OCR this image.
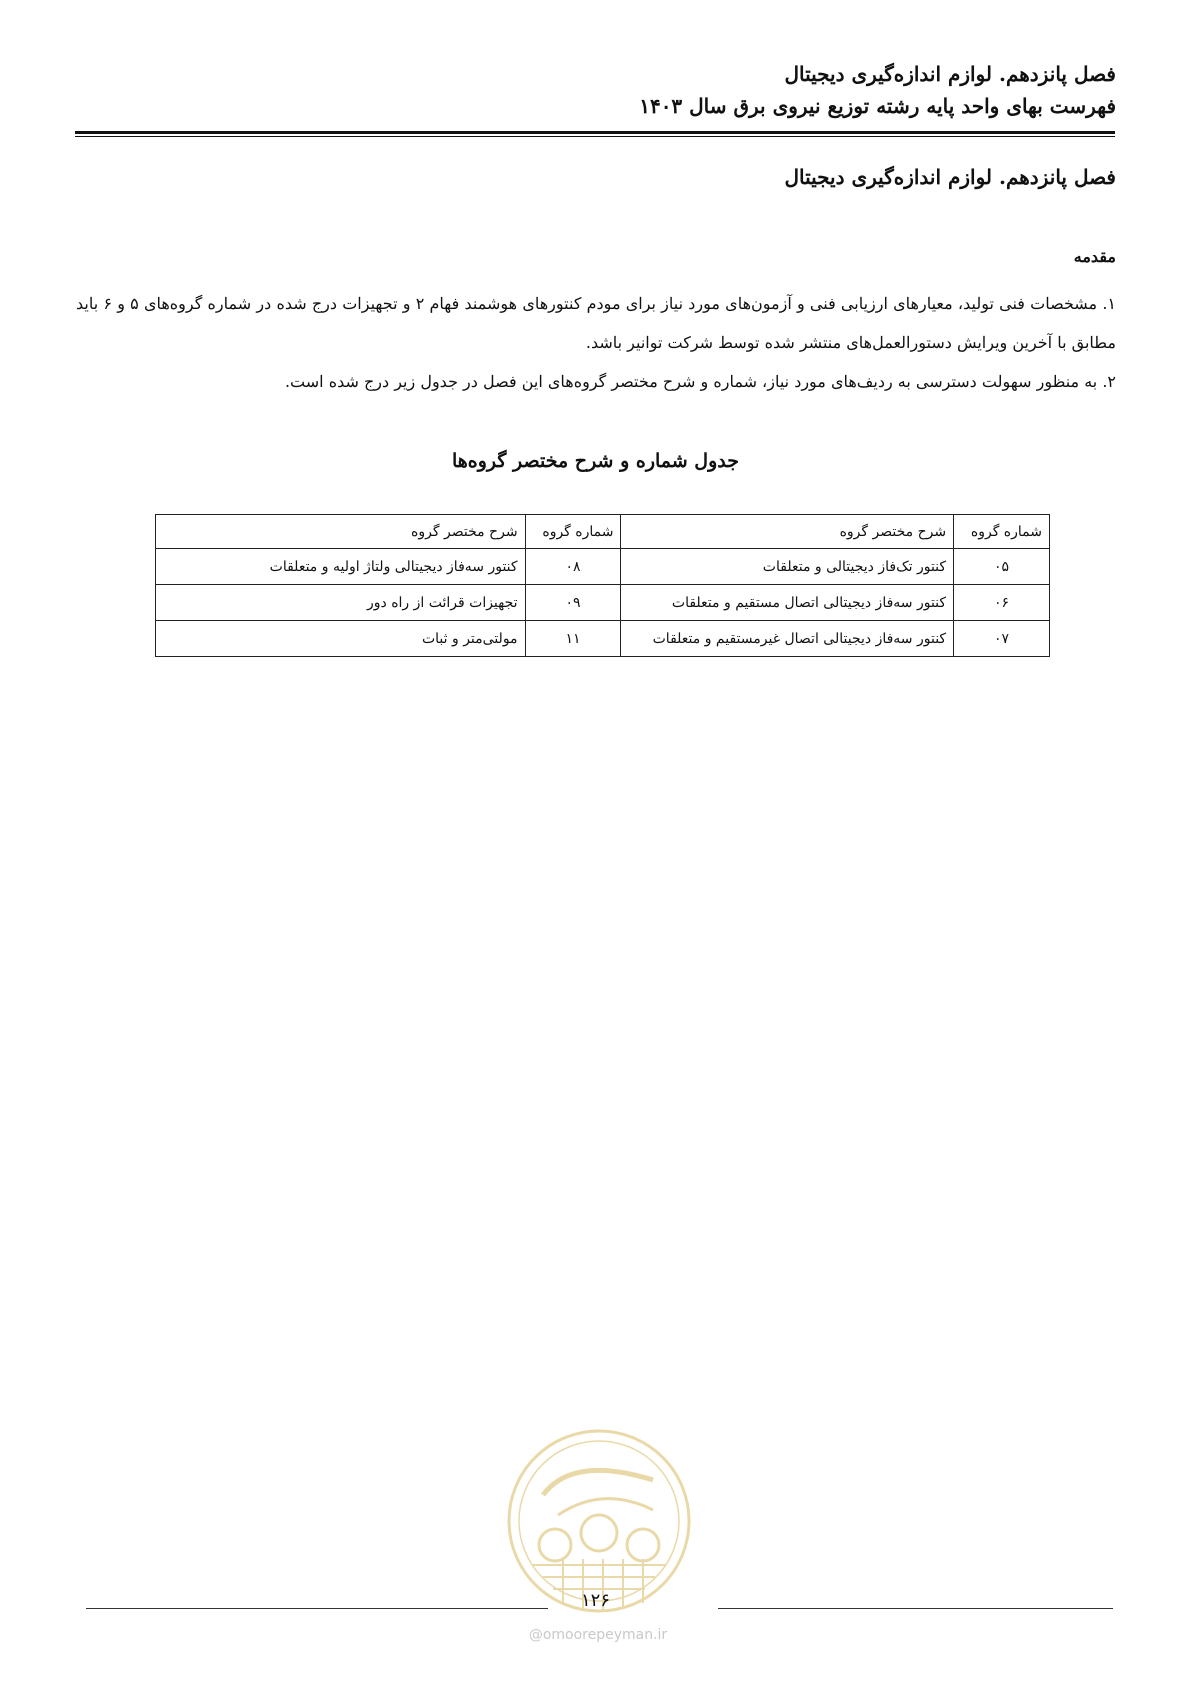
فصل پانزدهم. لوازم اندازه‌گیری دیجیتال

فهرست بهای واحد پایه رشته توزیع نیروی برق سال ۱۴۰۳

فصل پانزدهم. لوازم اندازه‌گیری دیجیتال
مقدمه

۱. مشخصات فنی تولید، معیارهای ارزیابی فنی و آزمون‌های مورد نیاز برای مودم کنتورهای هوشمند فهام ۲ و تجهیزات درج شده در شماره گروه‌های ۵ و ۶ باید مطابق با آخرین ویرایش دستورالعمل‌های منتشر شده توسط شرکت توانیر باشد.

۲. به منظور سهولت دسترسی به ردیف‌های مورد نیاز، شماره و شرح مختصر گروه‌های این فصل در جدول زیر درج شده است.

جدول شماره و شرح مختصر گروه‌ها
شماره گروه	شرح مختصر گروه	شماره گروه	شرح مختصر گروه
۰۵	کنتور تک‌فاز دیجیتالی و متعلقات	۰۸	کنتور سه‌فاز دیجیتالی ولتاژ اولیه و متعلقات
۰۶	کنتور سه‌فاز دیجیتالی اتصال مستقیم و متعلقات	۰۹	تجهیزات قرائت از راه دور
۰۷	کنتور سه‌فاز دیجیتالی اتصال غیرمستقیم و متعلقات	۱۱	مولتی‌متر و ثبات

۱۲۶

@omoorepeyman.ir
